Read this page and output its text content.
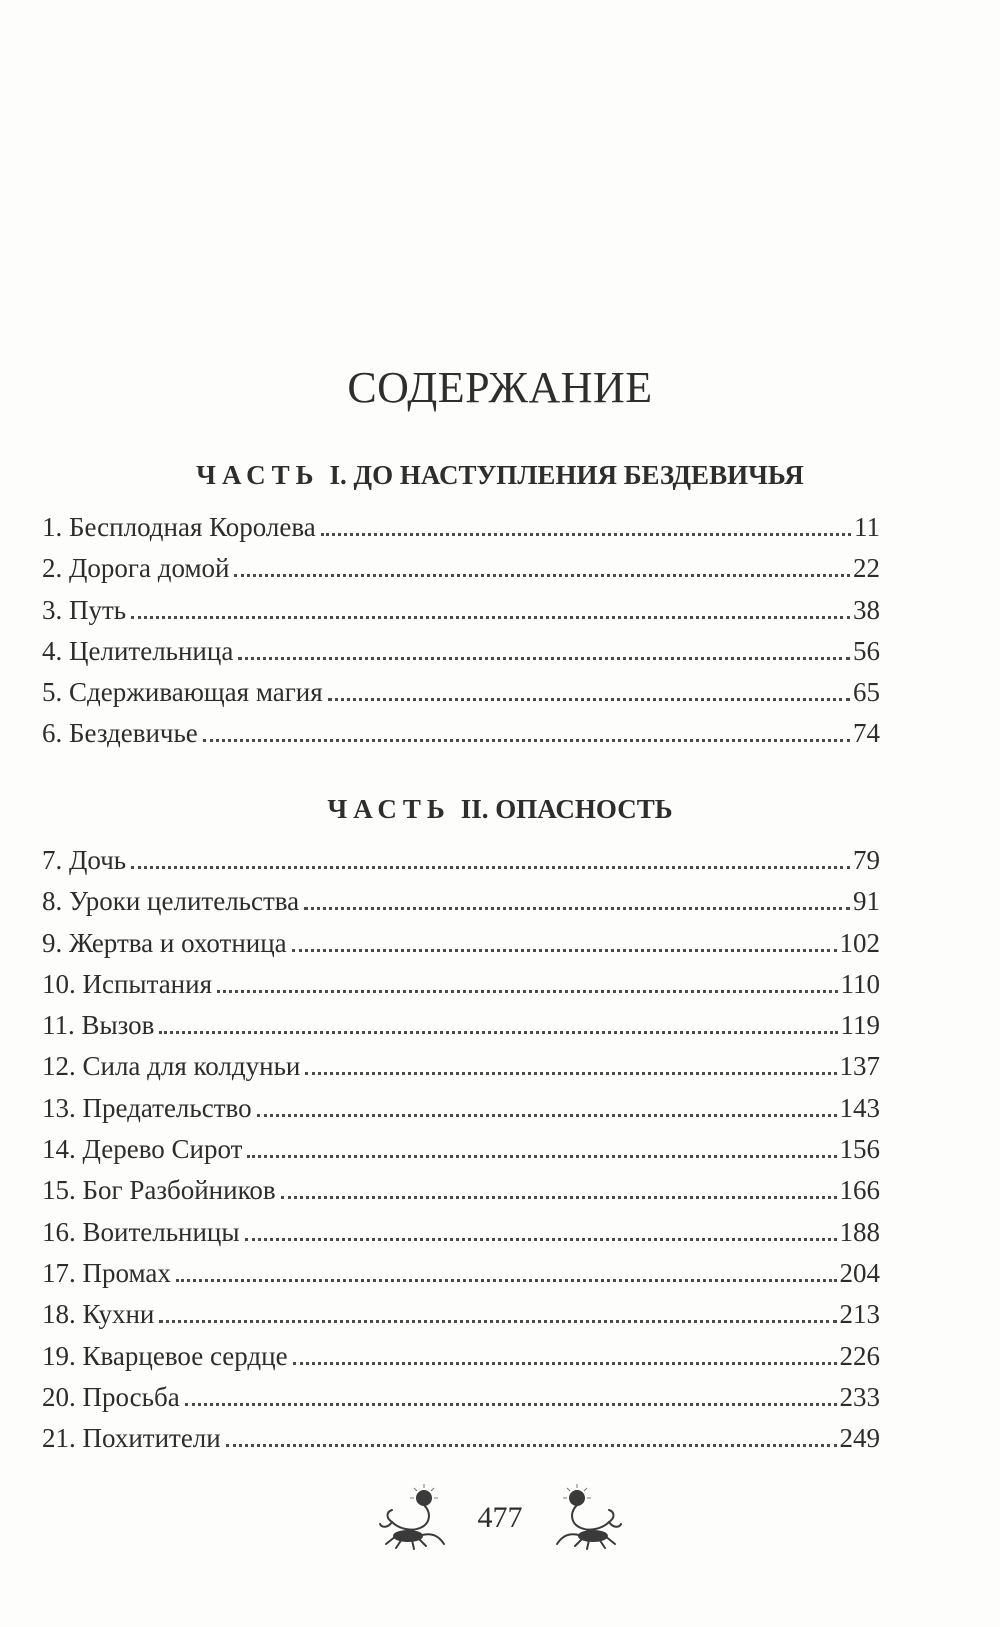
СОДЕРЖАНИЕ
ЧАСТЬ I. ДО НАСТУПЛЕНИЯ БЕЗДЕВИЧЬЯ
1. Бесплодная Королева	11
2. Дорога домой	22
3. Путь	38
4. Целительница	56
5. Сдерживающая магия	65
6. Бездевичье	74
ЧАСТЬ II. ОПАСНОСТЬ
7. Дочь	79
8. Уроки целительства	91
9. Жертва и охотница	102
10. Испытания	110
11. Вызов	119
12. Сила для колдуньи	137
13. Предательство	143
14. Дерево Сирот	156
15. Бог Разбойников	166
16. Воительницы	188
17. Промах	204
18. Кухни	213
19. Кварцевое сердце	226
20. Просьба	233
21. Похитители	249
477
